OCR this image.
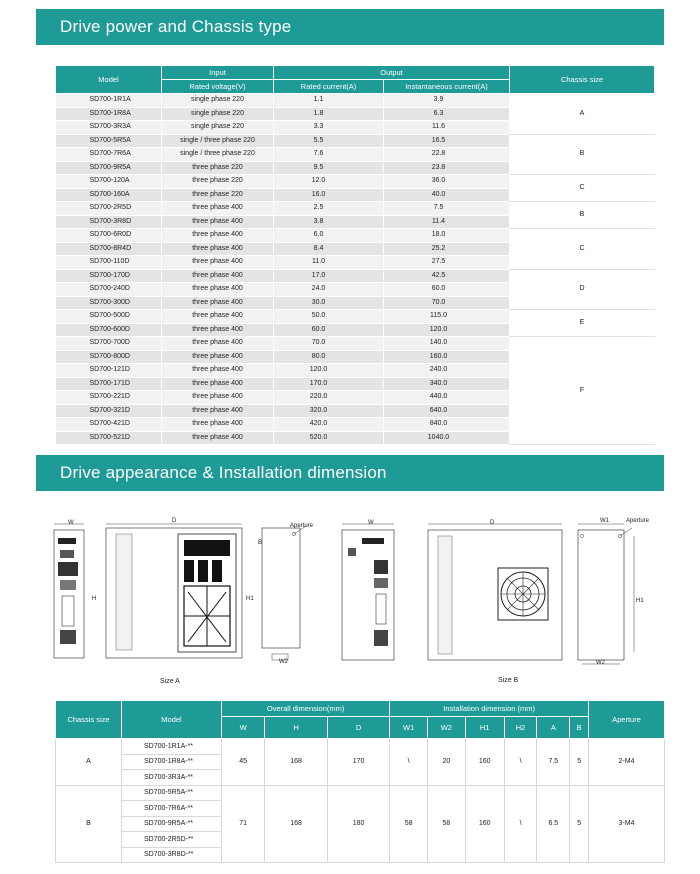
Drive power and Chassis type
Model	Input	Output		Chassis size
	Rated voltage(V)	Rated current(A)	Instantaneous current(A)	
SD700-1R1A	single phase 220	1.1	3.9	A
SD700-1R8A	single phase 220	1.8	6.3	
SD700-3R3A	single phase 220	3.3	11.6	
SD700-5R5A	single / three phase 220	5.5	16.5	B
SD700-7R6A	single / three phase 220	7.6	22.8	
SD700-9R5A	three phase 220	9.5	23.8	
SD700-120A	three phase 220	12.0	36.0	C
SD700-160A	three phase 220	16.0	40.0	
SD700-2R5D	three phase 400	2.5	7.5	B
SD700-3R8D	three phase 400	3.8	11.4	
SD700-6R0D	three phase 400	6.0	18.0	C
SD700-8R4D	three phase 400	8.4	25.2	
SD700-110D	three phase 400	11.0	27.5	
SD700-170D	three phase 400	17.0	42.5	D
SD700-240D	three phase 400	24.0	60.0	
SD700-300D	three phase 400	30.0	70.0	
SD700-500D	three phase 400	50.0	115.0	E
SD700-600D	three phase 400	60.0	120.0	
SD700-700D	three phase 400	70.0	140.0	F
SD700-800D	three phase 400	80.0	160.0	
SD700-121D	three phase 400	120.0	240.0	
SD700-171D	three phase 400	170.0	340.0	
SD700-221D	three phase 400	220.0	440.0	
SD700-321D	three phase 400	320.0	640.0	
SD700-421D	three phase 400	420.0	840.0	
SD700-521D	three phase 400	520.0	1040.0	
Drive appearance & Installation dimension
W	D
H	H1
B
Aperture
W2
Size A
W	D	W1	Aperture
H1
W2
Size B
Chassis size	Model	Overall dimension(mm)			Installation dimension (mm)						Aperture
		W	H	D	W1	W2	H1	H2	A	B	
A	SD700-1R1A-**	45	168	170	\	20	160	\	7.5	5	2-M4
	SD700-1R8A-**										
	SD700-3R3A-**										
B	SD700-5R5A-**	71	168	180	58	58	160	\	6.5	5	3-M4
	SD700-7R6A-**										
	SD700-9R5A-**										
	SD700-2R5D-**										
	SD700-3R8D-**										
